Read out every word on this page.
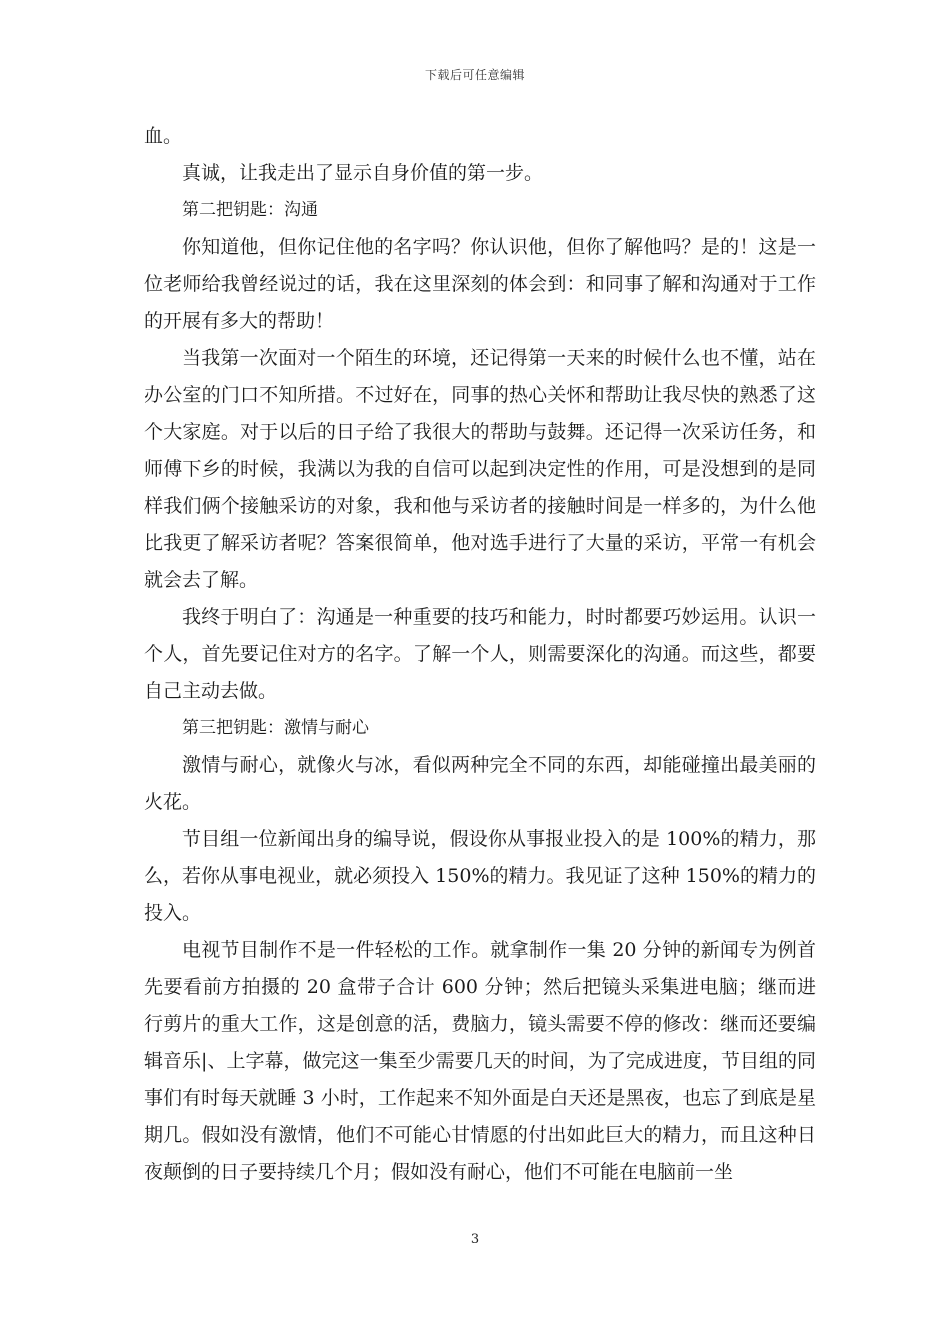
下载后可任意编辑

血。

真诚，让我走出了显示自身价值的第一步。

第二把钥匙：沟通

你知道他，但你记住他的名字吗？你认识他，但你了解他吗？是的！这是一位老师给我曾经说过的话，我在这里深刻的体会到：和同事了解和沟通对于工作的开展有多大的帮助！

当我第一次面对一个陌生的环境，还记得第一天来的时候什么也不懂，站在办公室的门口不知所措。不过好在，同事的热心关怀和帮助让我尽快的熟悉了这个大家庭。对于以后的日子给了我很大的帮助与鼓舞。还记得一次采访任务，和师傅下乡的时候，我满以为我的自信可以起到决定性的作用，可是没想到的是同样我们俩个接触采访的对象，我和他与采访者的接触时间是一样多的，为什么他比我更了解采访者呢？答案很简单，他对选手进行了大量的采访，平常一有机会就会去了解。

我终于明白了：沟通是一种重要的技巧和能力，时时都要巧妙运用。认识一个人，首先要记住对方的名字。了解一个人，则需要深化的沟通。而这些，都要自己主动去做。

第三把钥匙：激情与耐心

激情与耐心，就像火与冰，看似两种完全不同的东西，却能碰撞出最美丽的火花。

节目组一位新闻出身的编导说，假设你从事报业投入的是 100%的精力，那么，若你从事电视业，就必须投入 150%的精力。我见证了这种 150%的精力的投入。

电视节目制作不是一件轻松的工作。就拿制作一集 20 分钟的新闻专为例首先要看前方拍摄的 20 盒带子合计 600 分钟；然后把镜头采集进电脑；继而进行剪片的重大工作，这是创意的活，费脑力，镜头需要不停的修改：继而还要编辑音乐|、上字幕，做完这一集至少需要几天的时间，为了完成进度，节目组的同事们有时每天就睡 3 小时，工作起来不知外面是白天还是黑夜，也忘了到底是星期几。假如没有激情，他们不可能心甘情愿的付出如此巨大的精力，而且这种日夜颠倒的日子要持续几个月；假如没有耐心，他们不可能在电脑前一坐

3
